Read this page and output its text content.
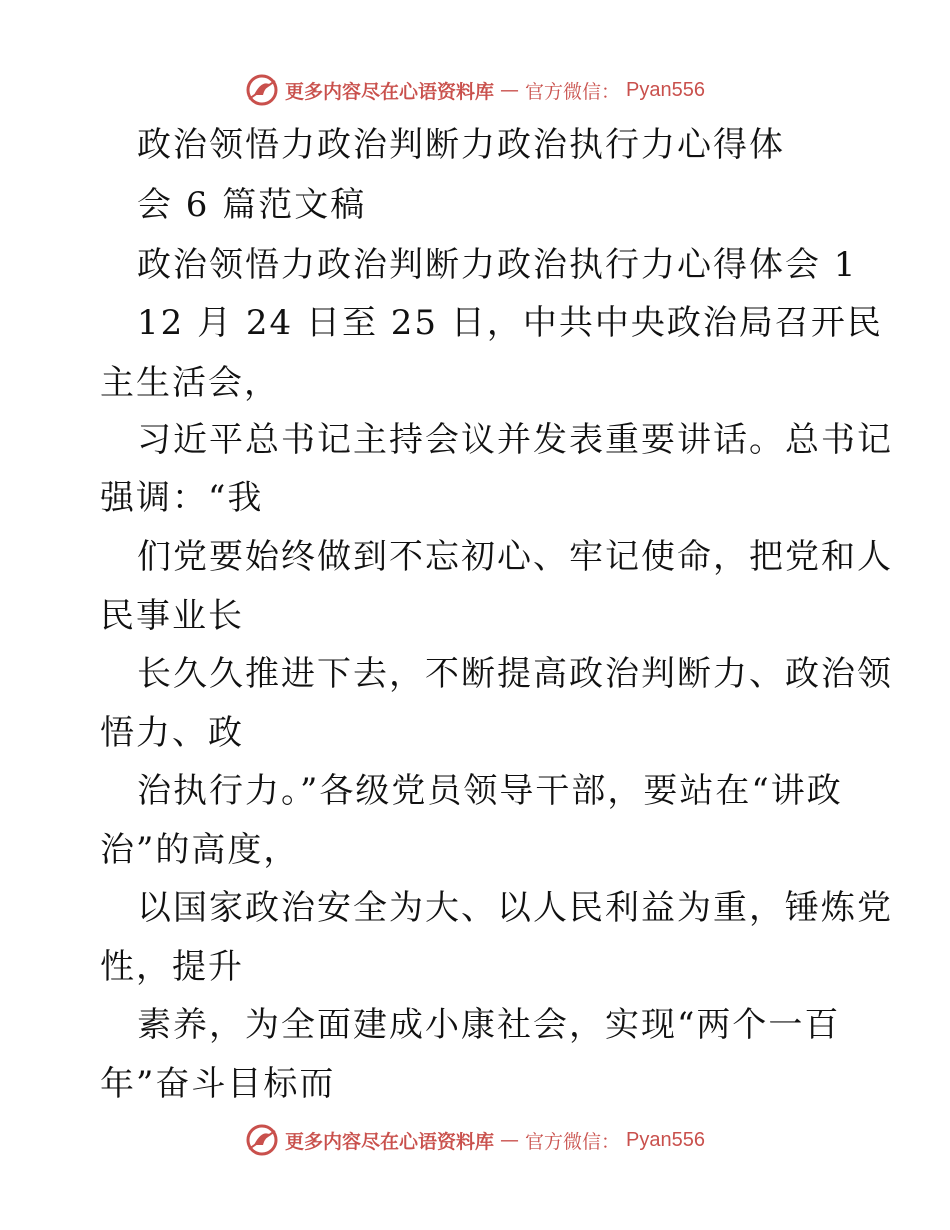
更多内容尽在心语资料库 — 官方微信： Pyan556
政治领悟力政治判断力政治执行力心得体
会 6 篇范文稿
政治领悟力政治判断力政治执行力心得体会 1
12 月 24 日至 25 日，中共中央政治局召开民
主生活会，
习近平总书记主持会议并发表重要讲话。总书记
强调：“我
们党要始终做到不忘初心、牢记使命，把党和人
民事业长
长久久推进下去，不断提高政治判断力、政治领
悟力、政
治执行力。”各级党员领导干部，要站在“讲政
治”的高度，
以国家政治安全为大、以人民利益为重，锤炼党
性，提升
素养，为全面建成小康社会，实现“两个一百
年”奋斗目标而
更多内容尽在心语资料库 — 官方微信： Pyan556
